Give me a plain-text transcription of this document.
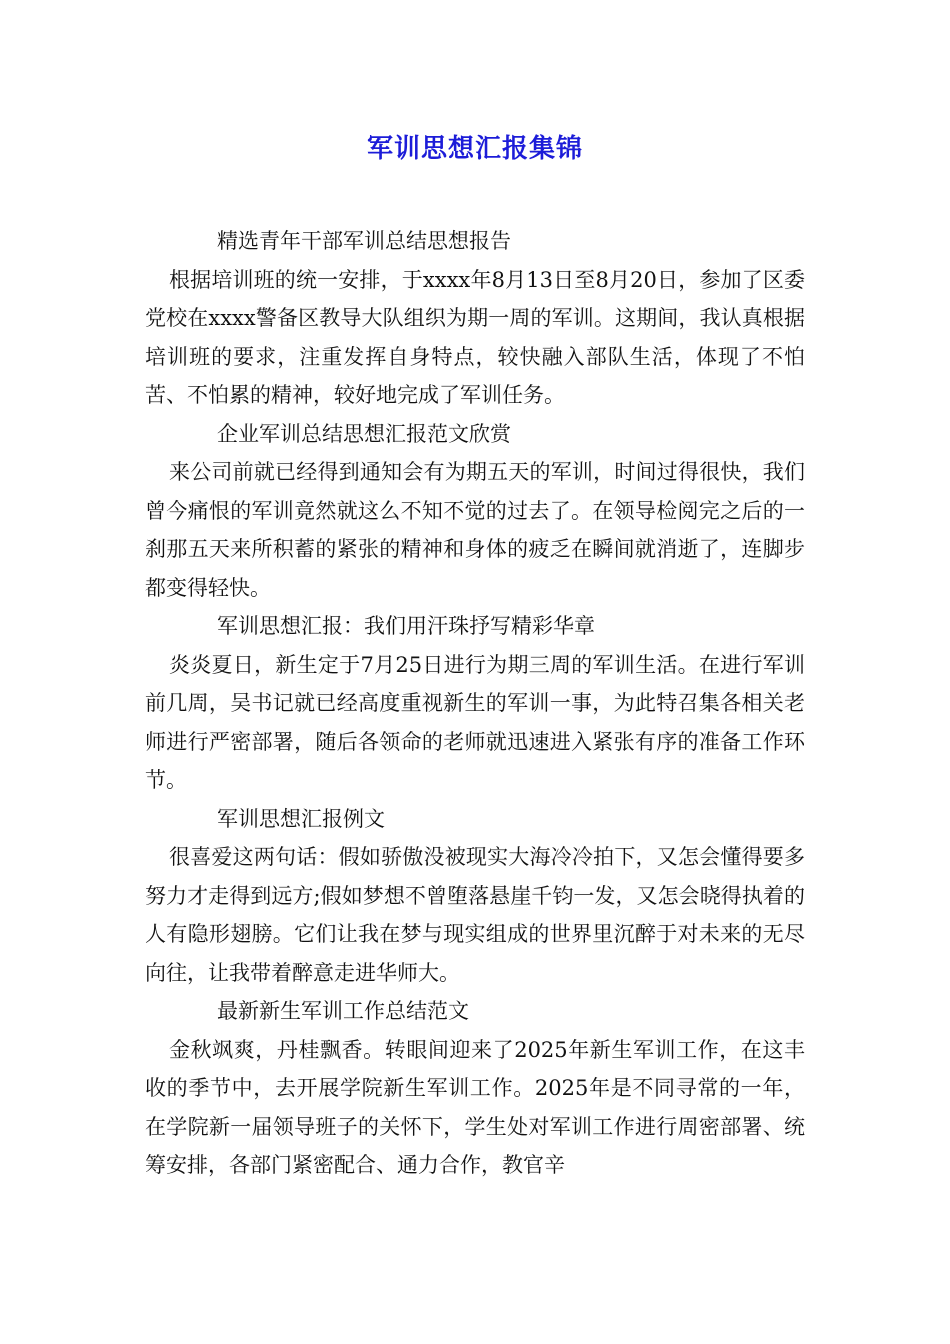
军训思想汇报集锦
精选青年干部军训总结思想报告
根据培训班的统一安排，于xxxx年8月13日至8月20日，参加了区委党校在xxxx警备区教导大队组织为期一周的军训。这期间，我认真根据培训班的要求，注重发挥自身特点，较快融入部队生活，体现了不怕苦、不怕累的精神，较好地完成了军训任务。
企业军训总结思想汇报范文欣赏
来公司前就已经得到通知会有为期五天的军训，时间过得很快，我们曾今痛恨的军训竟然就这么不知不觉的过去了。在领导检阅完之后的一刹那五天来所积蓄的紧张的精神和身体的疲乏在瞬间就消逝了，连脚步都变得轻快。
军训思想汇报：我们用汗珠抒写精彩华章
炎炎夏日，新生定于7月25日进行为期三周的军训生活。在进行军训前几周，吴书记就已经高度重视新生的军训一事，为此特召集各相关老师进行严密部署，随后各领命的老师就迅速进入紧张有序的准备工作环节。
军训思想汇报例文
很喜爱这两句话：假如骄傲没被现实大海冷冷拍下，又怎会懂得要多努力才走得到远方;假如梦想不曾堕落悬崖千钧一发，又怎会晓得执着的人有隐形翅膀。它们让我在梦与现实组成的世界里沉醉于对未来的无尽向往，让我带着醉意走进华师大。
最新新生军训工作总结范文
金秋飒爽，丹桂飘香。转眼间迎来了2025年新生军训工作，在这丰收的季节中，去开展学院新生军训工作。2025年是不同寻常的一年，在学院新一届领导班子的关怀下，学生处对军训工作进行周密部署、统筹安排，各部门紧密配合、通力合作，教官辛
